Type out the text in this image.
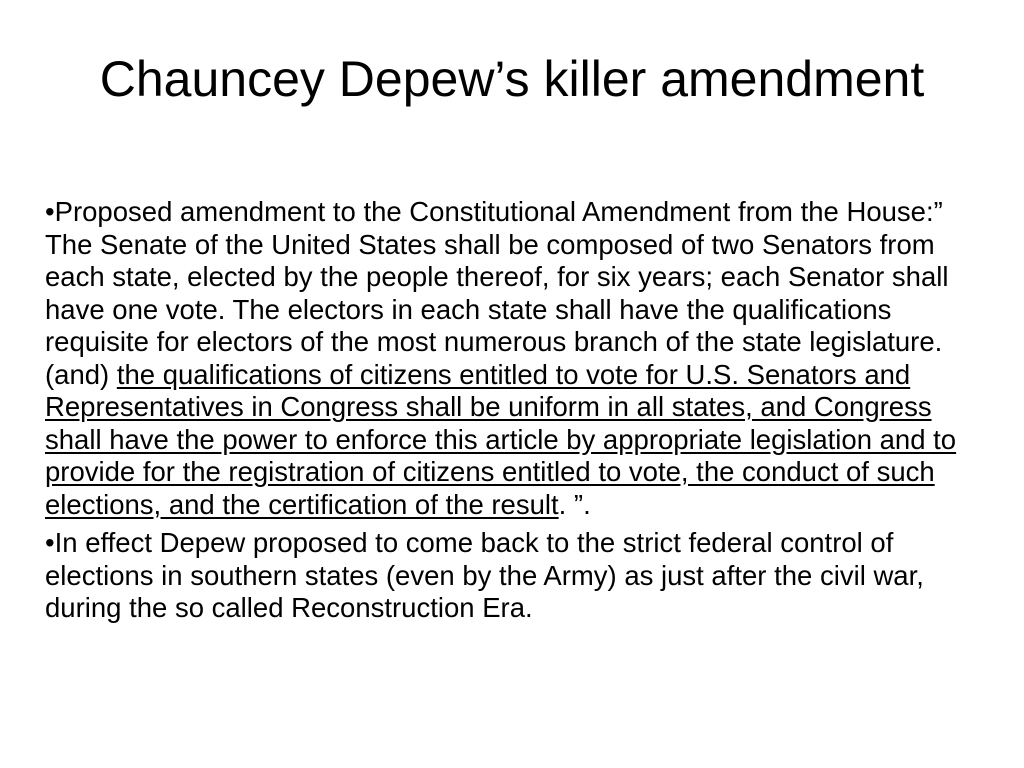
Chauncey Depew’s killer amendment

•Proposed amendment to the Constitutional Amendment from the House:” The Senate of the United States shall be composed of two Senators from each state, elected by the people thereof, for six years; each Senator shall have one vote. The electors in each state shall have the qualifications requisite for electors of the most numerous branch of the state legislature. (and) the qualifications of citizens entitled to vote for U.S. Senators and Representatives in Congress shall be uniform in all states, and Congress shall have the power to enforce this article by appropriate legislation and to provide for the registration of citizens entitled to vote, the conduct of such elections, and the certification of the result. ”.

•In effect Depew proposed to come back to the strict federal control of elections in southern states (even by the Army) as just after the civil war, during the so called Reconstruction Era.
